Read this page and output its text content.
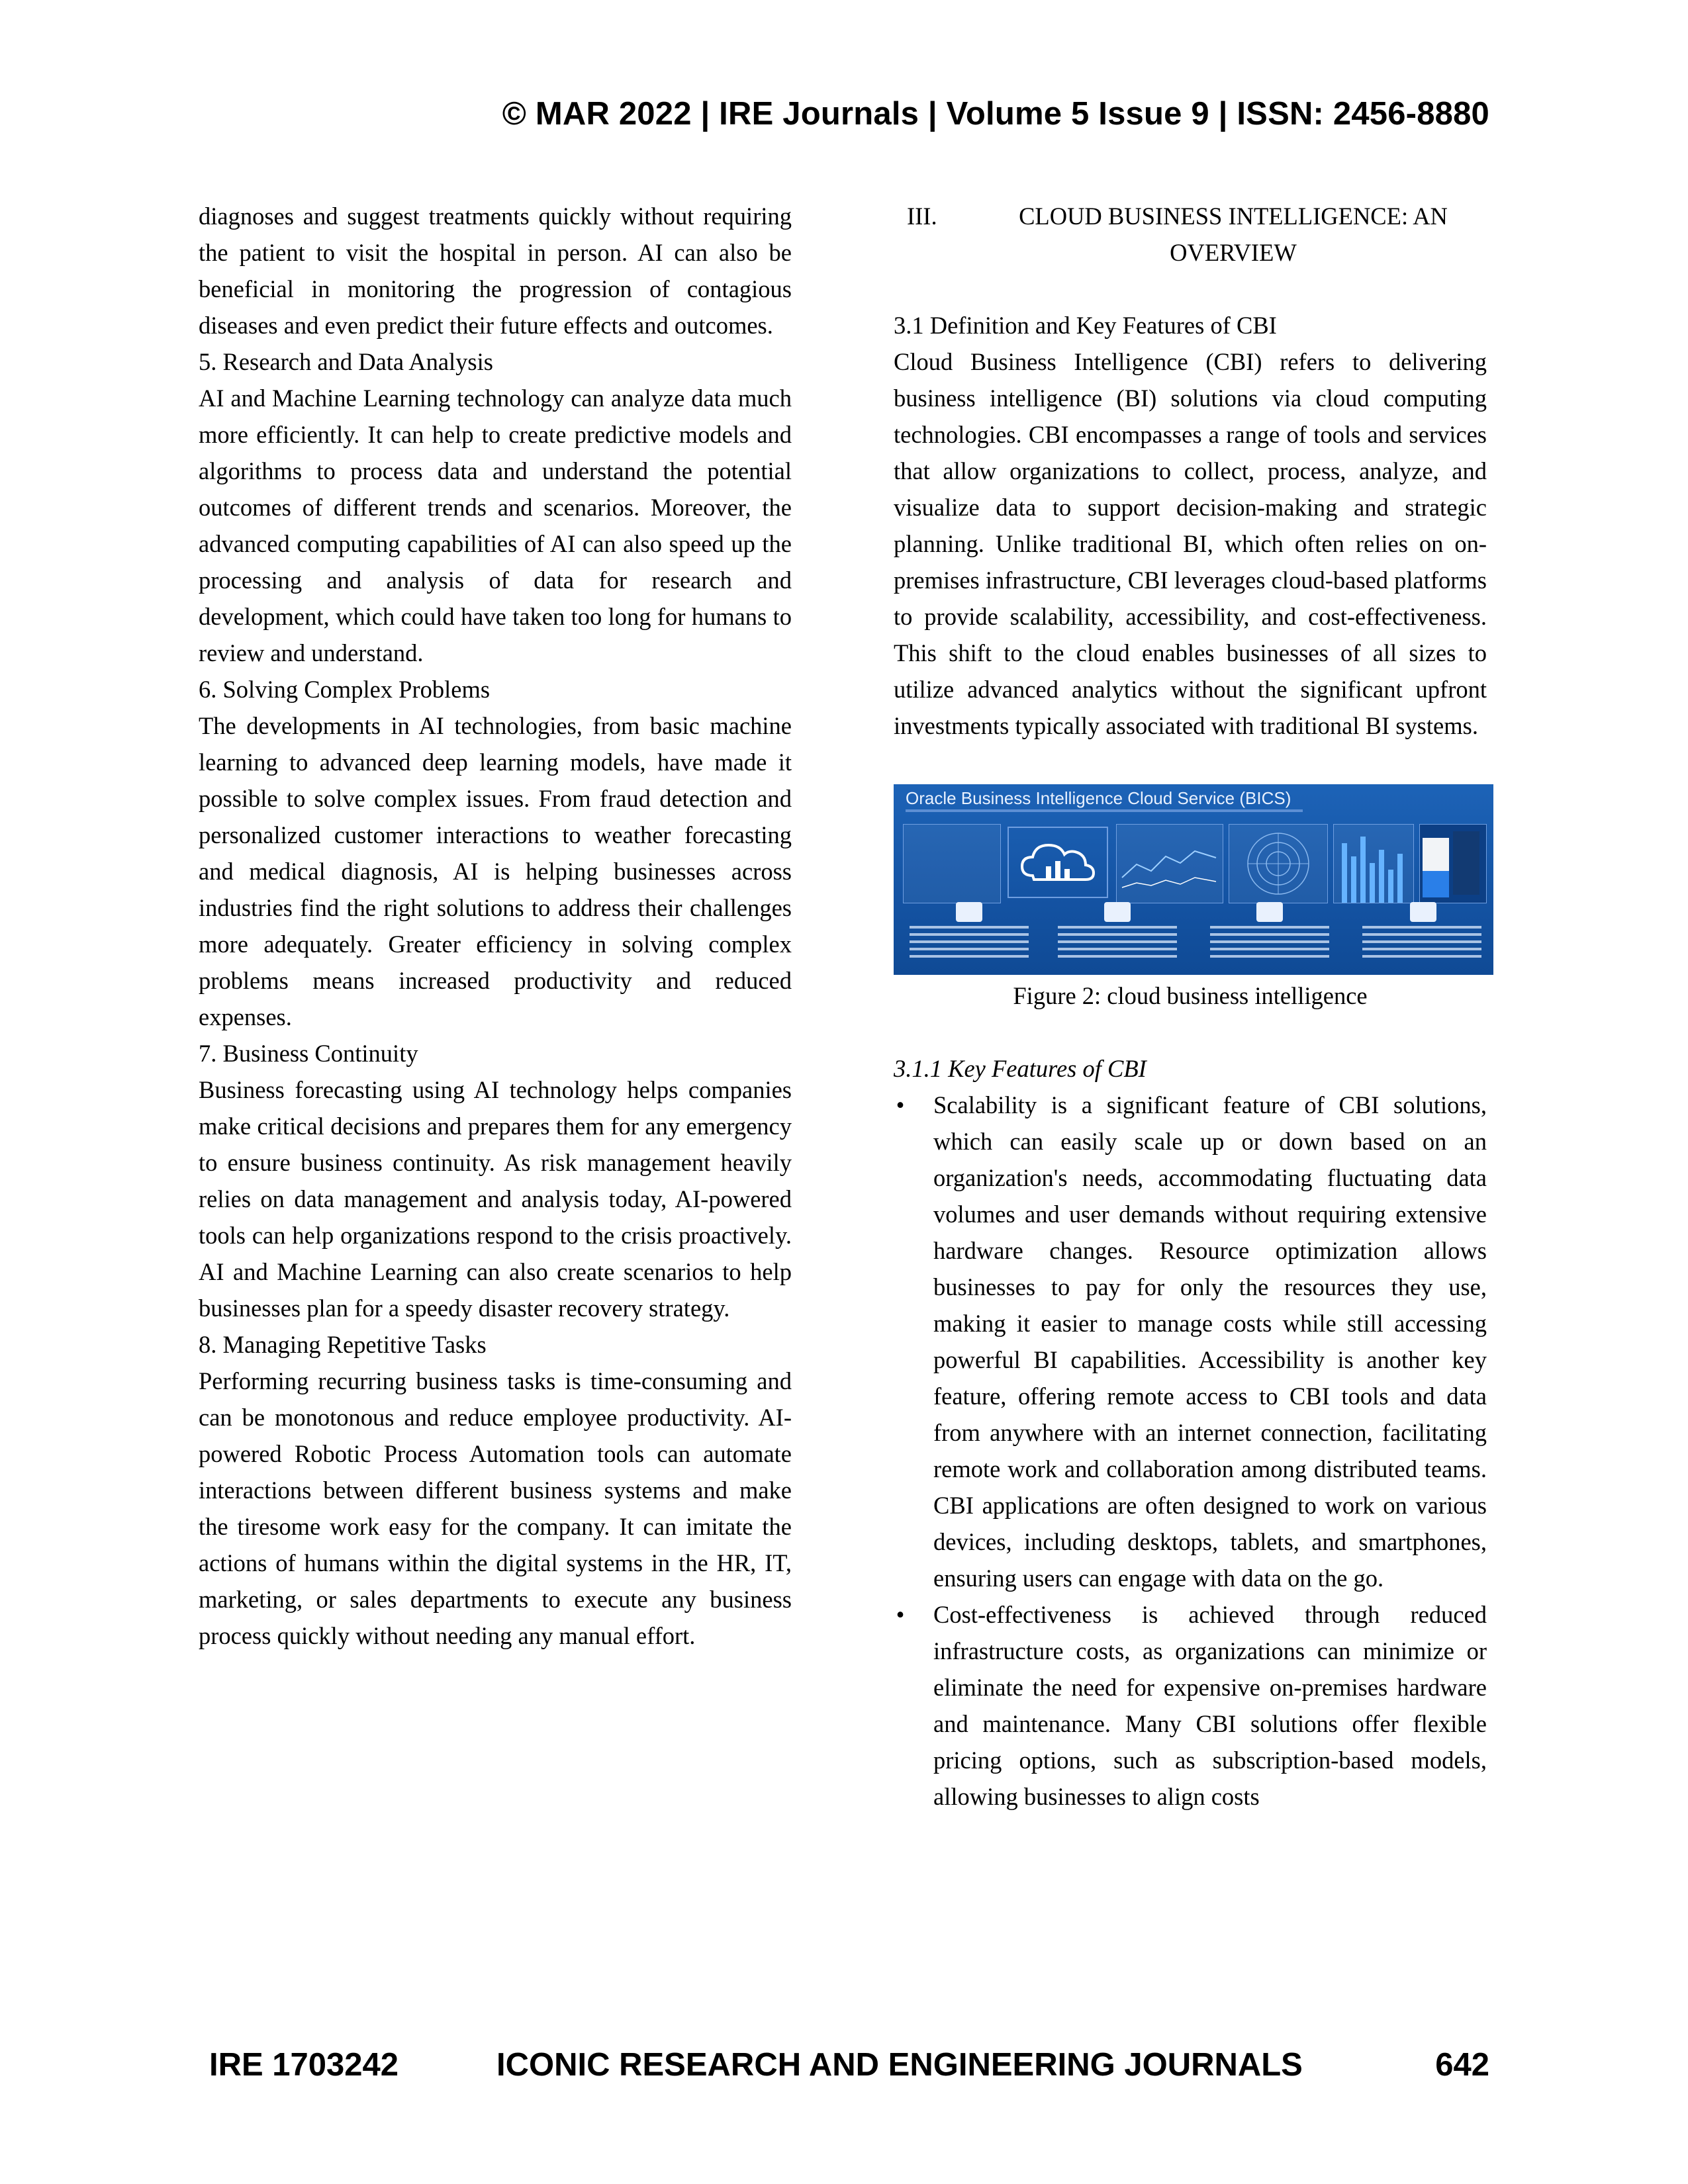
© MAR 2022 | IRE Journals | Volume 5 Issue 9 | ISSN: 2456-8880

diagnoses and suggest treatments quickly without requiring the patient to visit the hospital in person. AI can also be beneficial in monitoring the progression of contagious diseases and even predict their future effects and outcomes.

5. Research and Data Analysis

AI and Machine Learning technology can analyze data much more efficiently. It can help to create predictive models and algorithms to process data and understand the potential outcomes of different trends and scenarios. Moreover, the advanced computing capabilities of AI can also speed up the processing and analysis of data for research and development, which could have taken too long for humans to review and understand.

6. Solving Complex Problems

The developments in AI technologies, from basic machine learning to advanced deep learning models, have made it possible to solve complex issues. From fraud detection and personalized customer interactions to weather forecasting and medical diagnosis, AI is helping businesses across industries find the right solutions to address their challenges more adequately. Greater efficiency in solving complex problems means increased productivity and reduced expenses.

7. Business Continuity

Business forecasting using AI technology helps companies make critical decisions and prepares them for any emergency to ensure business continuity. As risk management heavily relies on data management and analysis today, AI-powered tools can help organizations respond to the crisis proactively. AI and Machine Learning can also create scenarios to help businesses plan for a speedy disaster recovery strategy.

8. Managing Repetitive Tasks

Performing recurring business tasks is time-consuming and can be monotonous and reduce employee productivity. AI-powered Robotic Process Automation tools can automate interactions between different business systems and make the tiresome work easy for the company. It can imitate the actions of humans within the digital systems in the HR, IT, marketing, or sales departments to execute any business process quickly without needing any manual effort.

III.	CLOUD BUSINESS INTELLIGENCE: AN OVERVIEW

3.1 Definition and Key Features of CBI

Cloud Business Intelligence (CBI) refers to delivering business intelligence (BI) solutions via cloud computing technologies. CBI encompasses a range of tools and services that allow organizations to collect, process, analyze, and visualize data to support decision-making and strategic planning. Unlike traditional BI, which often relies on on-premises infrastructure, CBI leverages cloud-based platforms to provide scalability, accessibility, and cost-effectiveness. This shift to the cloud enables businesses of all sizes to utilize advanced analytics without the significant upfront investments typically associated with traditional BI systems.

Oracle Business Intelligence Cloud Service (BICS)

Figure 2: cloud business intelligence

3.1.1 Key Features of CBI

• Scalability is a significant feature of CBI solutions, which can easily scale up or down based on an organization's needs, accommodating fluctuating data volumes and user demands without requiring extensive hardware changes. Resource optimization allows businesses to pay for only the resources they use, making it easier to manage costs while still accessing powerful BI capabilities. Accessibility is another key feature, offering remote access to CBI tools and data from anywhere with an internet connection, facilitating remote work and collaboration among distributed teams. CBI applications are often designed to work on various devices, including desktops, tablets, and smartphones, ensuring users can engage with data on the go.
• Cost-effectiveness is achieved through reduced infrastructure costs, as organizations can minimize or eliminate the need for expensive on-premises hardware and maintenance. Many CBI solutions offer flexible pricing options, such as subscription-based models, allowing businesses to align costs
IRE 1703242	ICONIC RESEARCH AND ENGINEERING JOURNALS	642
